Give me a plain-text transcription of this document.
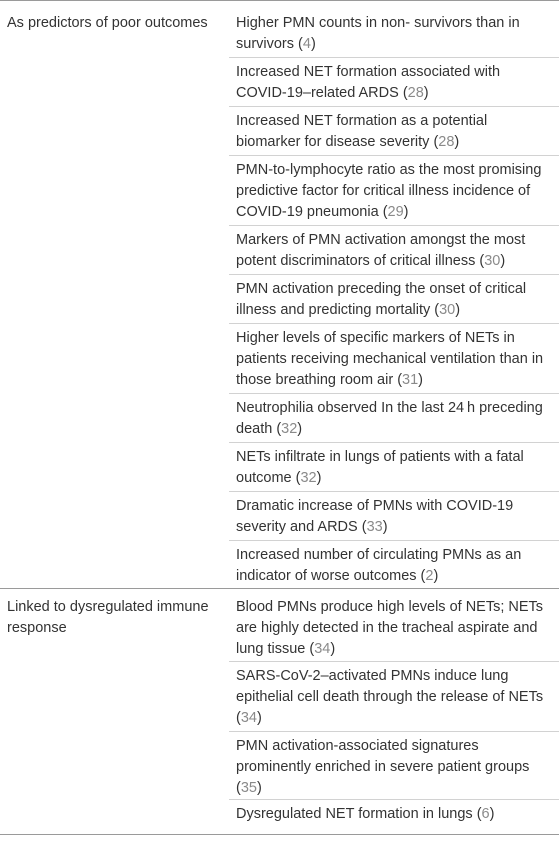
As predictors of poor outcomes Higher PMN counts in non- survivors than in survivors (4)

Increased NET formation associated with COVID-19–related ARDS (28)

Increased NET formation as a potential biomarker for disease severity (28)

PMN-to-lymphocyte ratio as the most promising predictive factor for critical illness incidence of COVID-19 pneumonia (29)

Markers of PMN activation amongst the most potent discriminators of critical illness (30)

PMN activation preceding the onset of critical illness and predicting mortality (30)

Higher levels of specific markers of NETs in patients receiving mechanical ventilation than in those breathing room air (31)

Neutrophilia observed In the last 24 h preceding death (32)

NETs infiltrate in lungs of patients with a fatal outcome (32)

Dramatic increase of PMNs with COVID-19 severity and ARDS (33)

Increased number of circulating PMNs as an indicator of worse outcomes (2)

Linked to dysregulated immune response

Blood PMNs produce high levels of NETs; NETs are highly detected in the tracheal aspirate and lung tissue (34)

SARS-CoV-2–activated PMNs induce lung epithelial cell death through the release of NETs (34)

PMN activation-associated signatures prominently enriched in severe patient groups (35)

Dysregulated NET formation in lungs (6)
